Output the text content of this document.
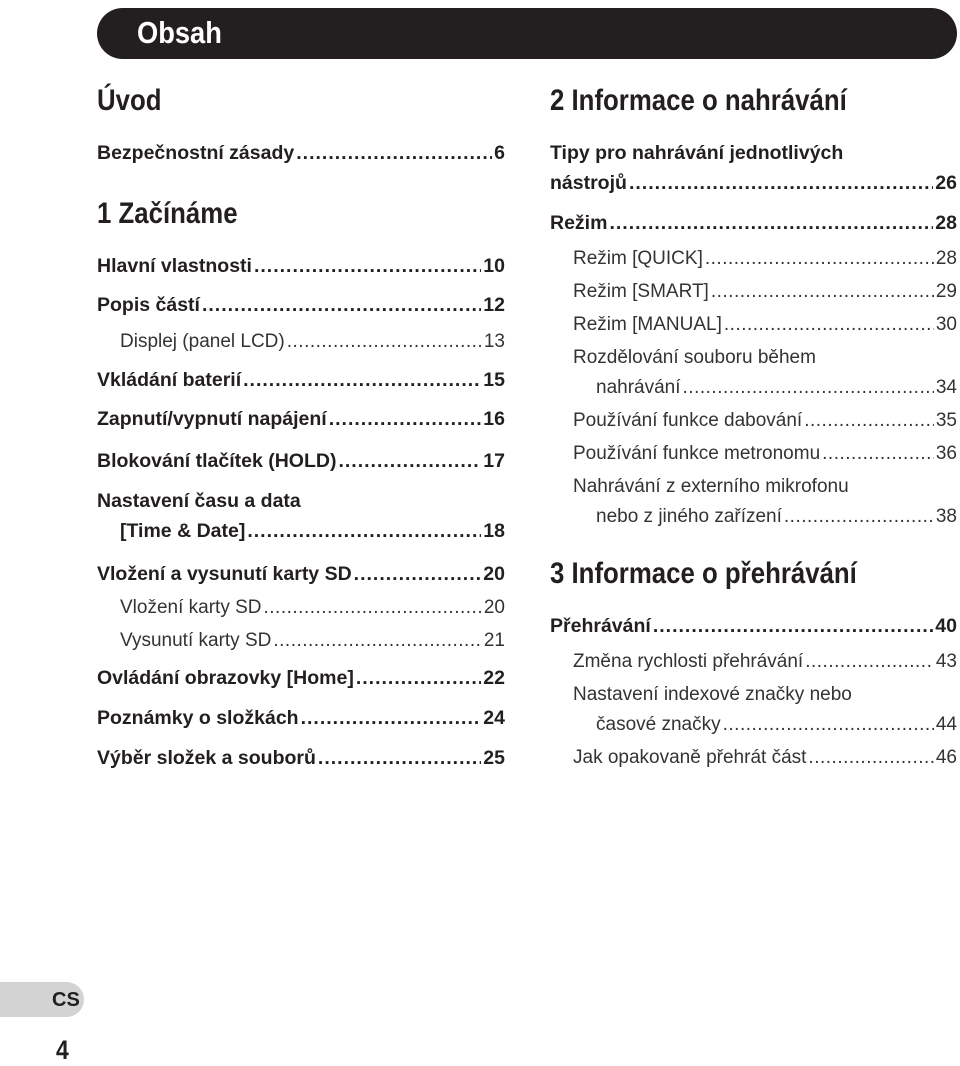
Obsah
Úvod
Bezpečnostní zásady .....	6
1 Začínáme
Hlavní vlastnosti .....	10
Popis částí .....	12
Displej (panel LCD) .....	13
Vkládání baterií .....	15
Zapnutí/vypnutí napájení .....	16
Blokování tlačítek (HOLD) .....	17
Nastavení času a data
[Time & Date] .....	18
Vložení a vysunutí karty SD .....	20
Vložení karty SD .....	20
Vysunutí karty SD .....	21
Ovládání obrazovky [Home] .....	22
Poznámky o složkách .....	24
Výběr složek a souborů .....	25
2 Informace o nahrávání
Tipy pro nahrávání jednotlivých
nástrojů .....	26
Režim .....	28
Režim [QUICK] .....	28
Režim [SMART] .....	29
Režim [MANUAL] .....	30
Rozdělování souboru během
nahrávání .....	34
Používání funkce dabování .....	35
Používání funkce metronomu .....	36
Nahrávání z externího mikrofonu
nebo z jiného zařízení .....	38
3 Informace o přehrávání
Přehrávání .....	40
Změna rychlosti přehrávání .....	43
Nastavení indexové značky nebo
časové značky .....	44
Jak opakovaně přehrát část .....	46
CS
4
